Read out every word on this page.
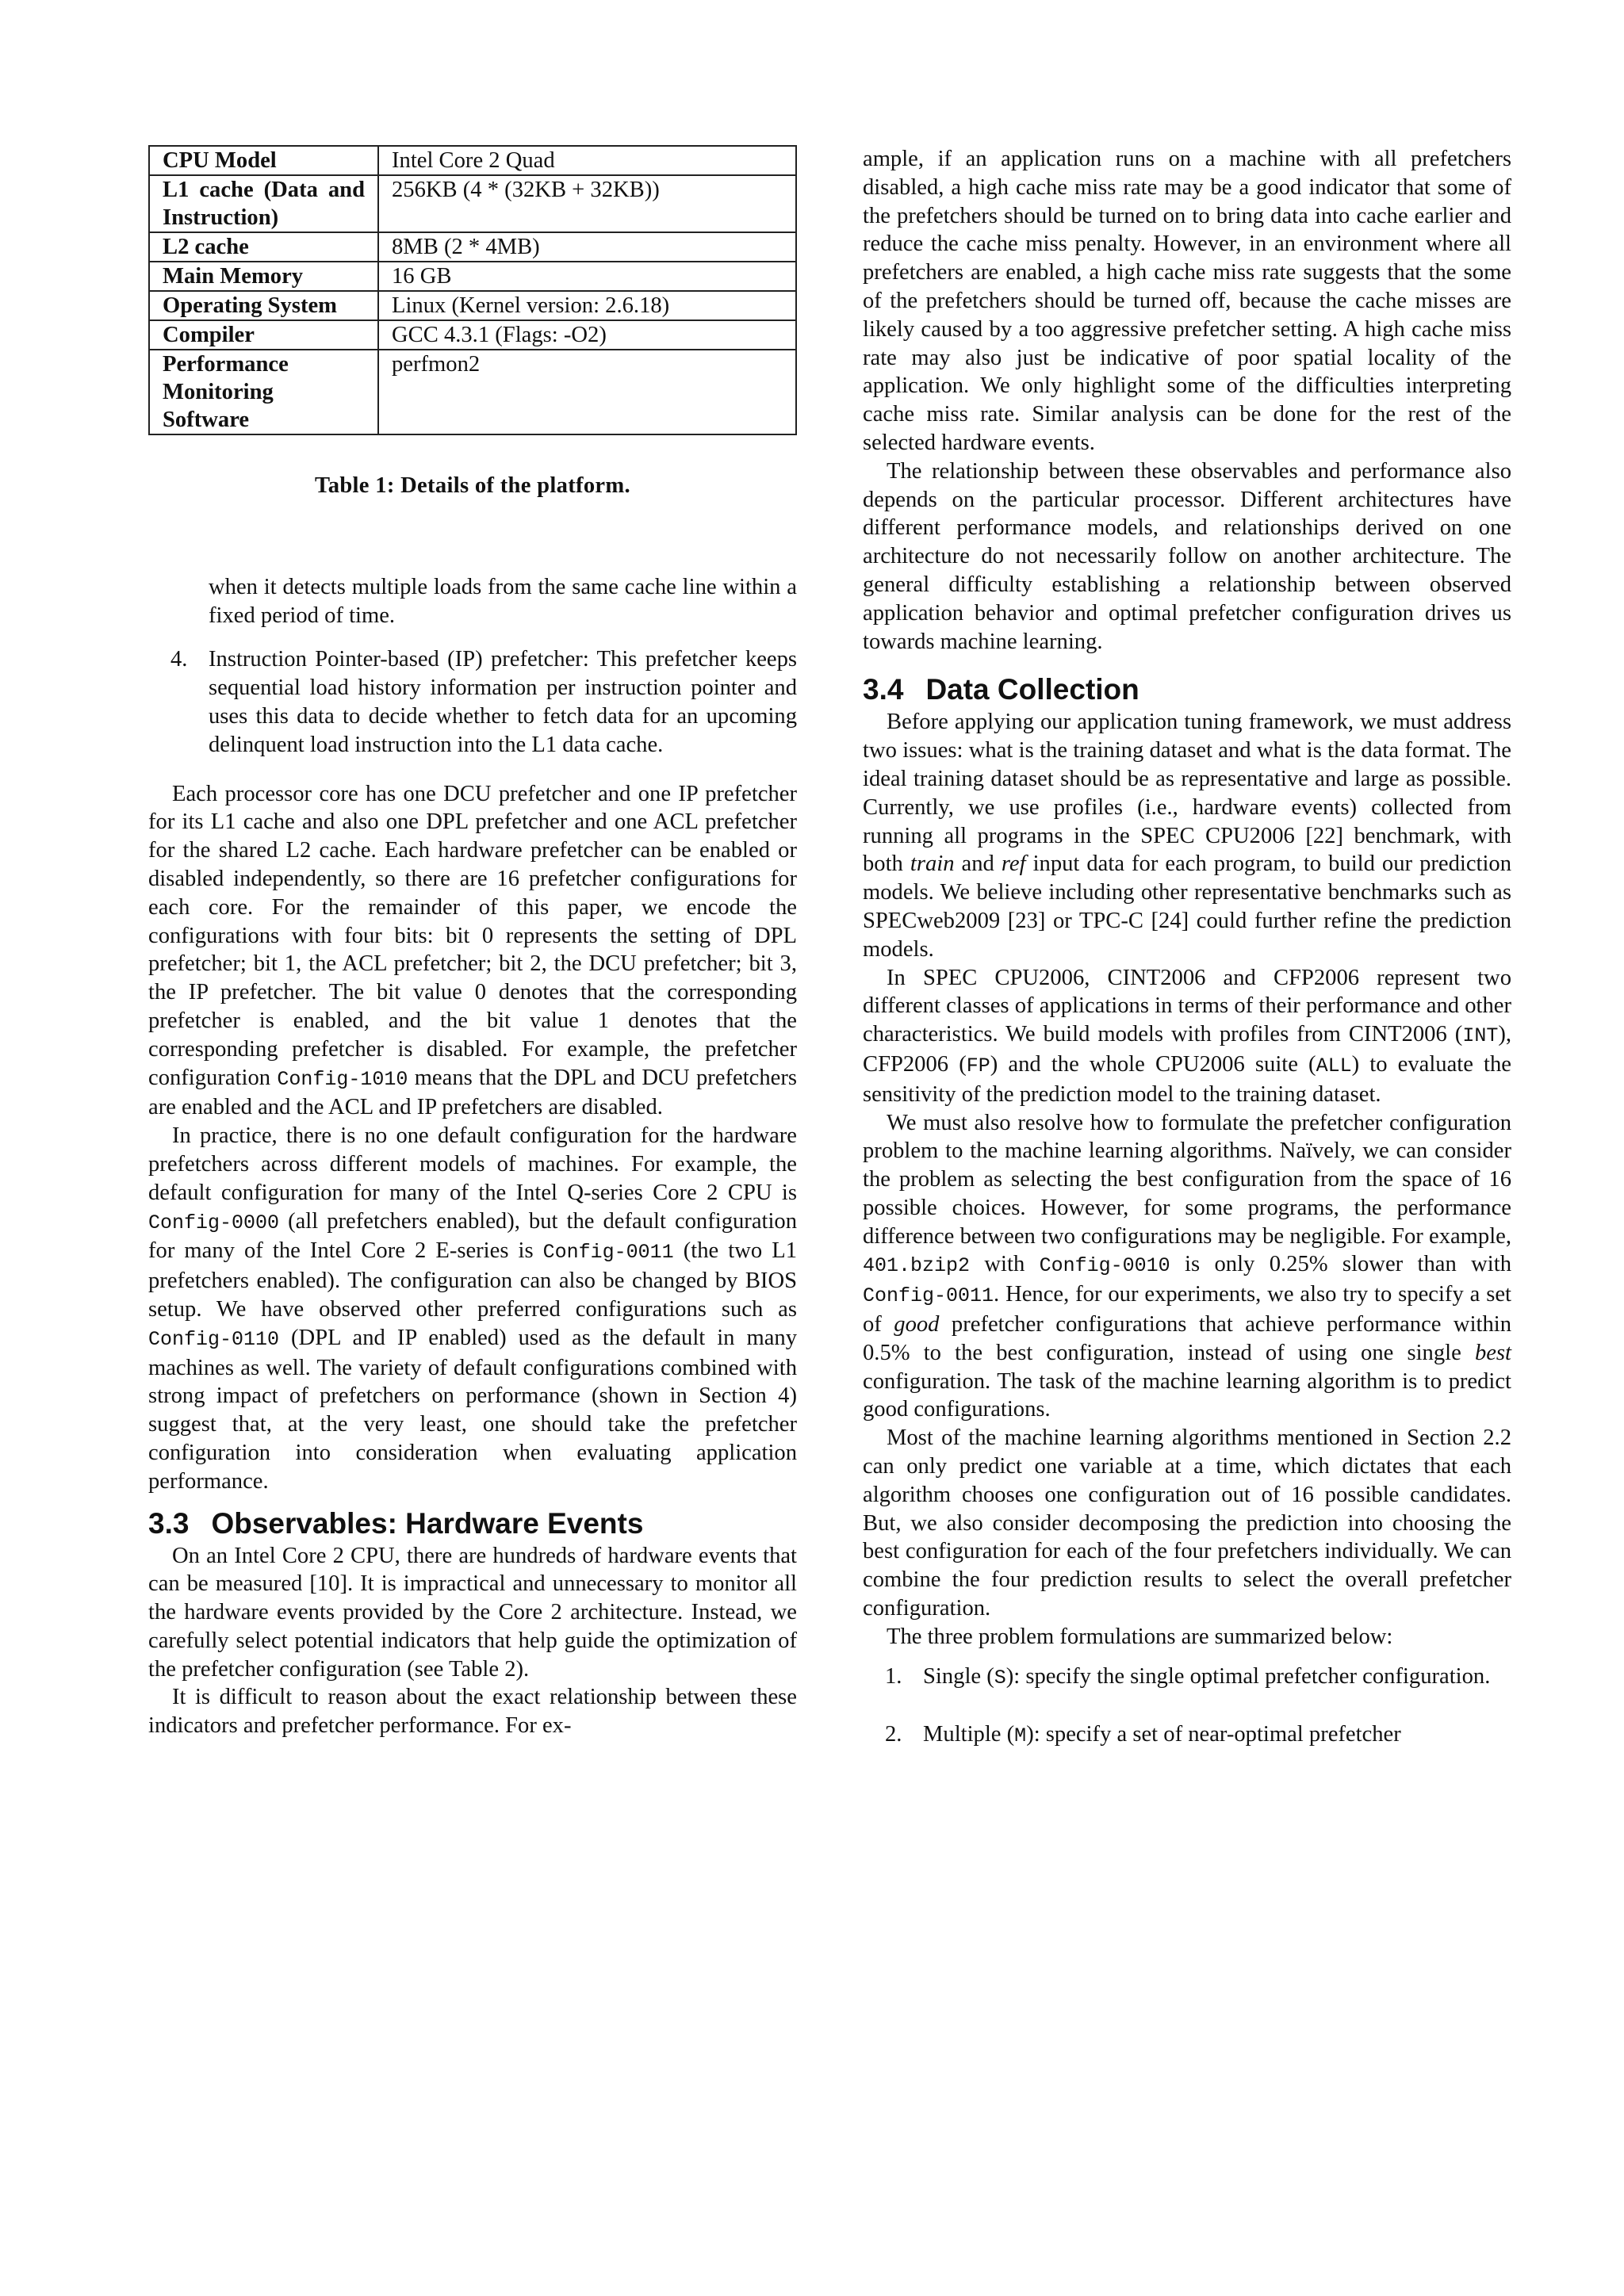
CPU Model	Intel Core 2 Quad
L1 cache (Data and Instruction)	256KB (4 * (32KB + 32KB))
L2 cache	8MB (2 * 4MB)
Main Memory	16 GB
Operating System	Linux (Kernel version: 2.6.18)
Compiler	GCC 4.3.1 (Flags: -O2)
Performance Monitoring Software	perfmon2
Table 1: Details of the platform.

when it detects multiple loads from the same cache line within a fixed period of time.

4. Instruction Pointer-based (IP) prefetcher: This prefetcher keeps sequential load history information per instruction pointer and uses this data to decide whether to fetch data for an upcoming delinquent load instruction into the L1 data cache.

Each processor core has one DCU prefetcher and one IP prefetcher for its L1 cache and also one DPL prefetcher and one ACL prefetcher for the shared L2 cache. Each hardware prefetcher can be enabled or disabled independently, so there are 16 prefetcher configurations for each core. For the remainder of this paper, we encode the configurations with four bits: bit 0 represents the setting of DPL prefetcher; bit 1, the ACL prefetcher; bit 2, the DCU prefetcher; bit 3, the IP prefetcher. The bit value 0 denotes that the corresponding prefetcher is enabled, and the bit value 1 denotes that the corresponding prefetcher is disabled. For example, the prefetcher configuration Config-1010 means that the DPL and DCU prefetchers are enabled and the ACL and IP prefetchers are disabled.

In practice, there is no one default configuration for the hardware prefetchers across different models of machines. For example, the default configuration for many of the Intel Q-series Core 2 CPU is Config-0000 (all prefetchers enabled), but the default configuration for many of the Intel Core 2 E-series is Config-0011 (the two L1 prefetchers enabled). The configuration can also be changed by BIOS setup. We have observed other preferred configurations such as Config-0110 (DPL and IP enabled) used as the default in many machines as well. The variety of default configurations combined with strong impact of prefetchers on performance (shown in Section 4) suggest that, at the very least, one should take the prefetcher configuration into consideration when evaluating application performance.

3.3 Observables: Hardware Events

On an Intel Core 2 CPU, there are hundreds of hardware events that can be measured [10]. It is impractical and unnecessary to monitor all the hardware events provided by the Core 2 architecture. Instead, we carefully select potential indicators that help guide the optimization of the prefetcher configuration (see Table 2).

It is difficult to reason about the exact relationship between these indicators and prefetcher performance. For ex-

ample, if an application runs on a machine with all prefetchers disabled, a high cache miss rate may be a good indicator that some of the prefetchers should be turned on to bring data into cache earlier and reduce the cache miss penalty. However, in an environment where all prefetchers are enabled, a high cache miss rate suggests that the some of the prefetchers should be turned off, because the cache misses are likely caused by a too aggressive prefetcher setting. A high cache miss rate may also just be indicative of poor spatial locality of the application. We only highlight some of the difficulties interpreting cache miss rate. Similar analysis can be done for the rest of the selected hardware events.

The relationship between these observables and performance also depends on the particular processor. Different architectures have different performance models, and relationships derived on one architecture do not necessarily follow on another architecture. The general difficulty establishing a relationship between observed application behavior and optimal prefetcher configuration drives us towards machine learning.

3.4 Data Collection

Before applying our application tuning framework, we must address two issues: what is the training dataset and what is the data format. The ideal training dataset should be as representative and large as possible. Currently, we use profiles (i.e., hardware events) collected from running all programs in the SPEC CPU2006 [22] benchmark, with both train and ref input data for each program, to build our prediction models. We believe including other representative benchmarks such as SPECweb2009 [23] or TPC-C [24] could further refine the prediction models.

In SPEC CPU2006, CINT2006 and CFP2006 represent two different classes of applications in terms of their performance and other characteristics. We build models with profiles from CINT2006 (INT), CFP2006 (FP) and the whole CPU2006 suite (ALL) to evaluate the sensitivity of the prediction model to the training dataset.

We must also resolve how to formulate the prefetcher configuration problem to the machine learning algorithms. Naïvely, we can consider the problem as selecting the best configuration from the space of 16 possible choices. However, for some programs, the performance difference between two configurations may be negligible. For example, 401.bzip2 with Config-0010 is only 0.25% slower than with Config-0011. Hence, for our experiments, we also try to specify a set of good prefetcher configurations that achieve performance within 0.5% to the best configuration, instead of using one single best configuration. The task of the machine learning algorithm is to predict good configurations.

Most of the machine learning algorithms mentioned in Section 2.2 can only predict one variable at a time, which dictates that each algorithm chooses one configuration out of 16 possible candidates. But, we also consider decomposing the prediction into choosing the best configuration for each of the four prefetchers individually. We can combine the four prediction results to select the overall prefetcher configuration.

The three problem formulations are summarized below:

1. Single (S): specify the single optimal prefetcher configuration.

2. Multiple (M): specify a set of near-optimal prefetcher
